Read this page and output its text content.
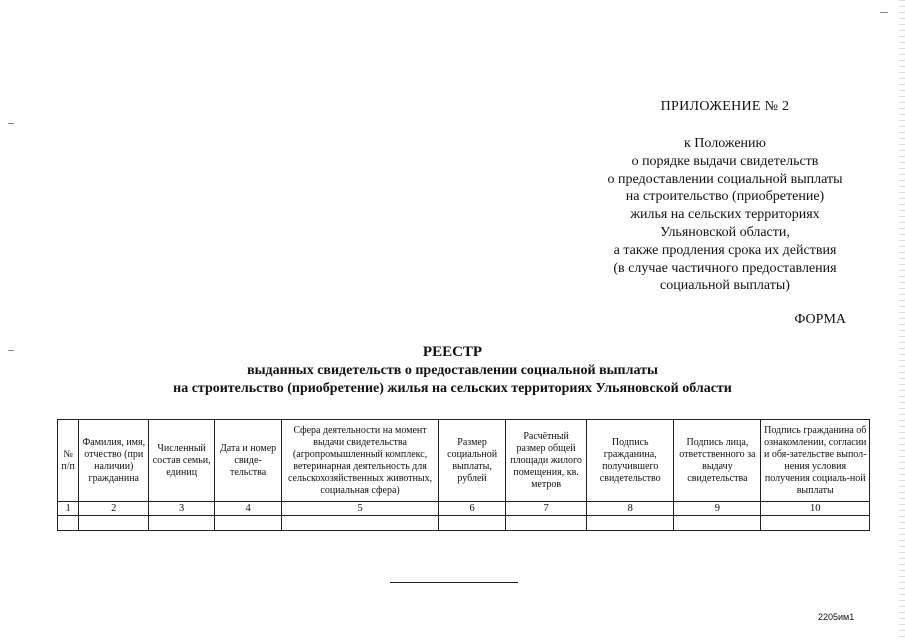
ПРИЛОЖЕНИЕ № 2
к Положению
о порядке выдачи свидетельств
о предоставлении социальной выплаты
на строительство (приобретение)
жилья на сельских территориях
Ульяновской области,
а также продления срока их действия
(в случае частичного предоставления
социальной выплаты)
ФОРМА
РЕЕСТР
выданных свидетельств о предоставлении социальной выплаты
на строительство (приобретение) жилья на сельских территориях Ульяновской области
№ п/п	Фамилия, имя, отчество (при наличии) гражданина	Численный состав семьи, единиц	Дата и номер свиде-тельства	Сфера деятельности на момент выдачи свидетельства (агропромышленный комплекс, ветеринарная деятельность для сельскохозяйственных животных, социальная сфера)	Размер социальной выплаты, рублей	Расчётный размер общей площади жилого помещения, кв. метров	Подпись гражданина, получившего свидетельство	Подпись лица, ответственного за выдачу свидетельства	Подпись гражданина об ознакомлении, согласии и обя-зательстве выпол-нения условия получения социаль-ной выплаты
1	2	3	4	5	6	7	8	9	10

2205им1
